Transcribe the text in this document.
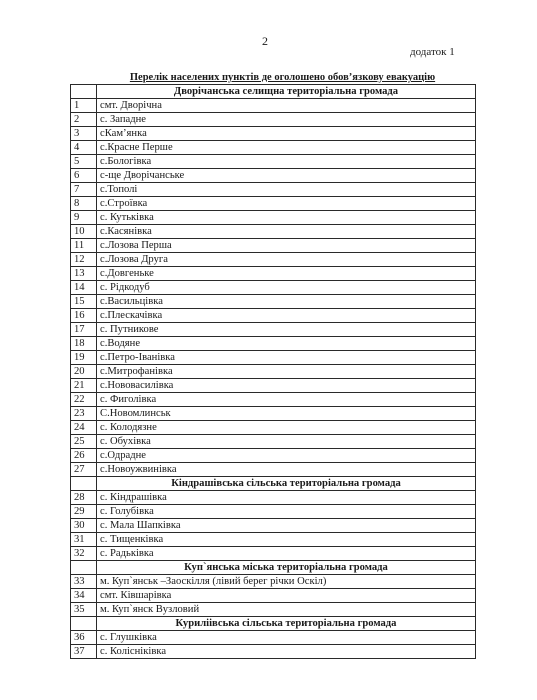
2
додаток 1
Перелік населених пунктів де оголошено обов’язкову евакуацію
	Дворічанська селищна територіальна громада
1	смт. Дворічна
2	с. Западне
3	сКам’янка
4	с.Красне Перше
5	с.Бологівка
6	с-ще Дворічанське
7	с.Тополі
8	с.Строївка
9	с. Кутьківка
10	с.Касянівка
11	с.Лозова Перша
12	с.Лозова Друга
13	с.Довгеньке
14	с. Рідкодуб
15	с.Васильцівка
16	с.Плескачівка
17	с. Путникове
18	с.Водяне
19	с.Петро-Іванівка
20	с.Митрофанівка
21	с.Нововасилівка
22	с. Фиголівка
23	С.Новомлинськ
24	с. Колодязне
25	с. Обухівка
26	с.Одрадне
27	с.Новоужвинівка
	Кіндрашівська сільська територіальна громада
28	с. Кіндрашівка
29	с. Голубівка
30	с. Мала Шапківка
31	с. Тищенківка
32	с. Радьківка
	Куп`янська міська територіальна громада
33	м. Куп`янськ –Заоскілля (лівий берег річки Оскіл)
34	смт. Ківшарівка
35	м. Куп`янск Вузловий
	Куриліівська сільська територіальна громада
36	с. Глушківка
37	с. Колісніківка
